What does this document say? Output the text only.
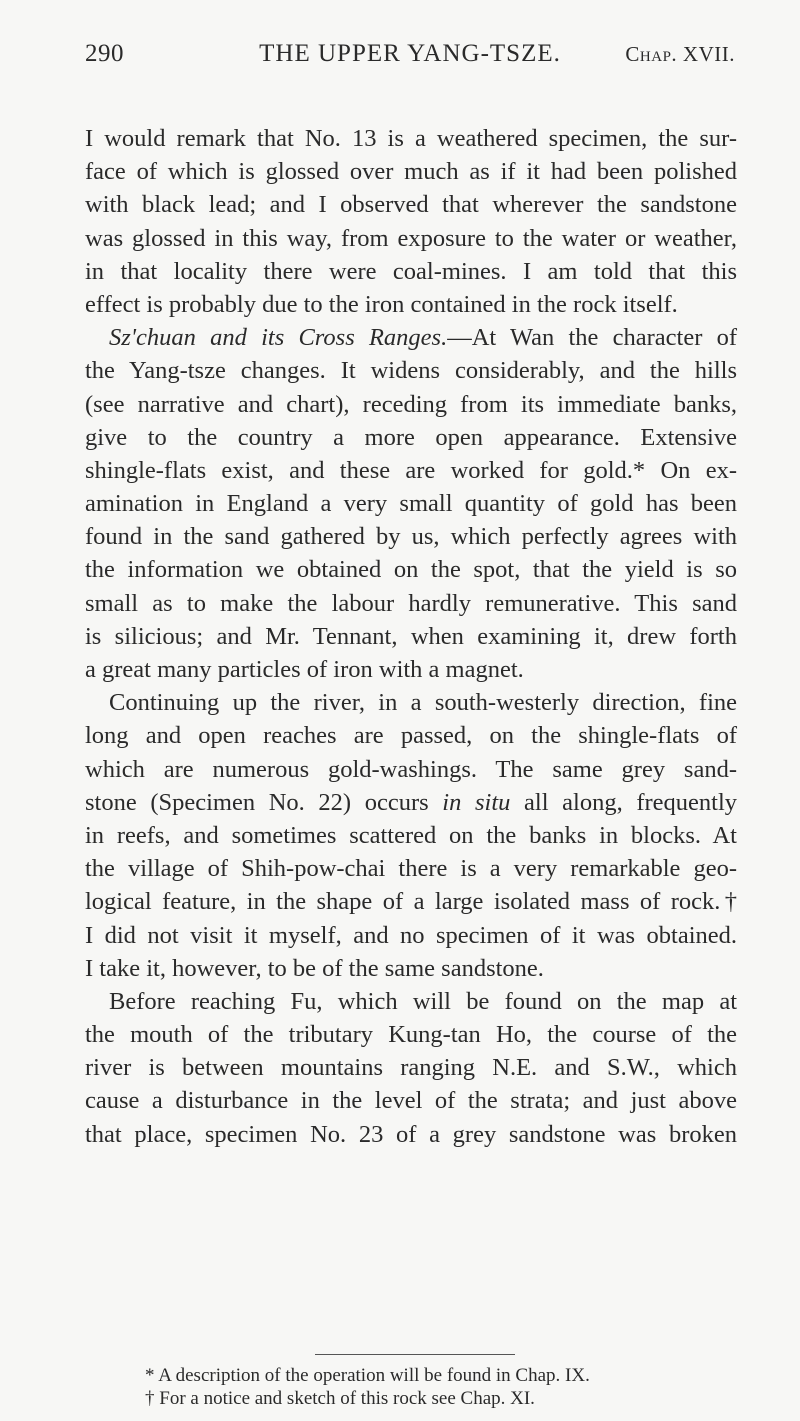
290	THE UPPER YANG-TSZE.	Chap. XVII.
I would remark that No. 13 is a weathered specimen, the sur-
face of which is glossed over much as if it had been polished
with black lead; and I observed that wherever the sandstone
was glossed in this way, from exposure to the water or weather,
in that locality there were coal-mines. I am told that this
effect is probably due to the iron contained in the rock itself.
Sz'chuan and its Cross Ranges.—At Wan the character of
the Yang-tsze changes. It widens considerably, and the hills
(see narrative and chart), receding from its immediate banks,
give to the country a more open appearance. Extensive
shingle-flats exist, and these are worked for gold.* On ex-
amination in England a very small quantity of gold has been
found in the sand gathered by us, which perfectly agrees with
the information we obtained on the spot, that the yield is so
small as to make the labour hardly remunerative. This sand
is silicious; and Mr. Tennant, when examining it, drew forth
a great many particles of iron with a magnet.
Continuing up the river, in a south-westerly direction, fine
long and open reaches are passed, on the shingle-flats of
which are numerous gold-washings. The same grey sand-
stone (Specimen No. 22) occurs in situ all along, frequently
in reefs, and sometimes scattered on the banks in blocks. At
the village of Shih-pow-chai there is a very remarkable geo-
logical feature, in the shape of a large isolated mass of rock.†
I did not visit it myself, and no specimen of it was obtained.
I take it, however, to be of the same sandstone.
Before reaching Fu, which will be found on the map at
the mouth of the tributary Kung-tan Ho, the course of the
river is between mountains ranging N.E. and S.W., which
cause a disturbance in the level of the strata; and just above
that place, specimen No. 23 of a grey sandstone was broken
* A description of the operation will be found in Chap. IX.
† For a notice and sketch of this rock see Chap. XI.
